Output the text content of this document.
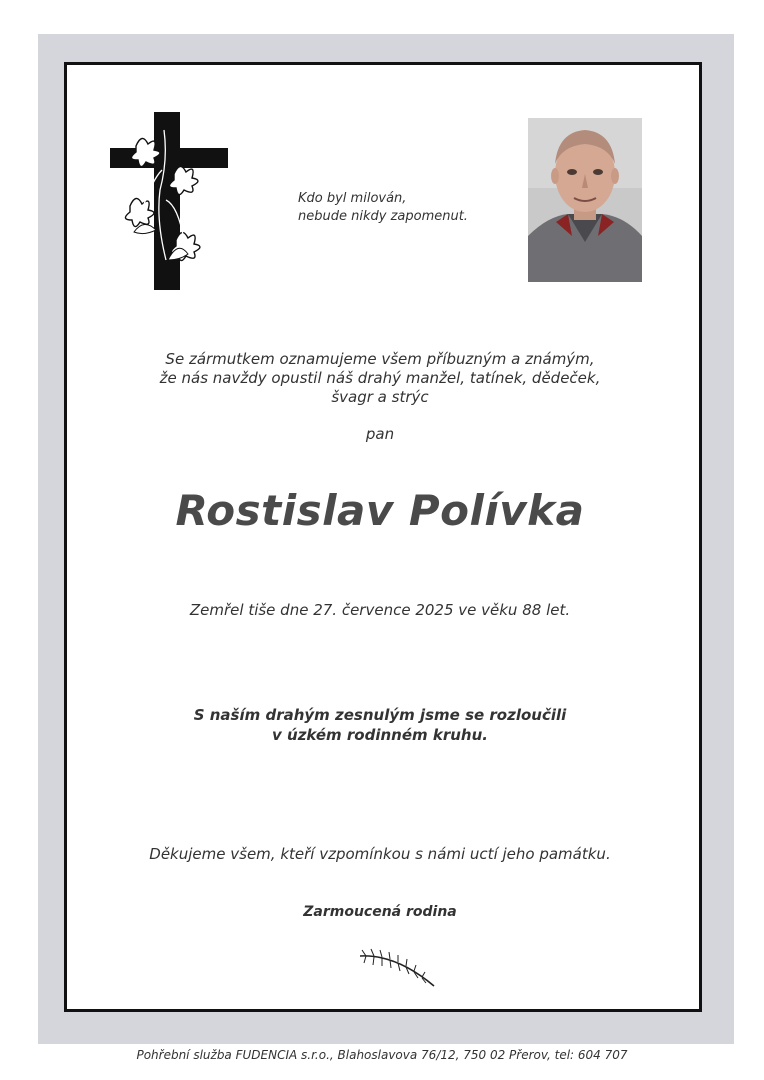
Kdo byl milován,
nebude nikdy zapomenut.
Se zármutkem oznamujeme všem příbuzným a známým,
že nás navždy opustil náš drahý manžel, tatínek, dědeček,
švagr a strýc
pan
Rostislav Polívka
Zemřel tiše dne 27. července 2025 ve věku 88 let.
S naším drahým zesnulým jsme se rozloučili
v úzkém rodinném kruhu.
Děkujeme všem, kteří vzpomínkou s námi uctí jeho památku.
Zarmoucená rodina
Pohřební služba FUDENCIA s.r.o., Blahoslavova 76/12, 750 02 Přerov, tel: 604 707
